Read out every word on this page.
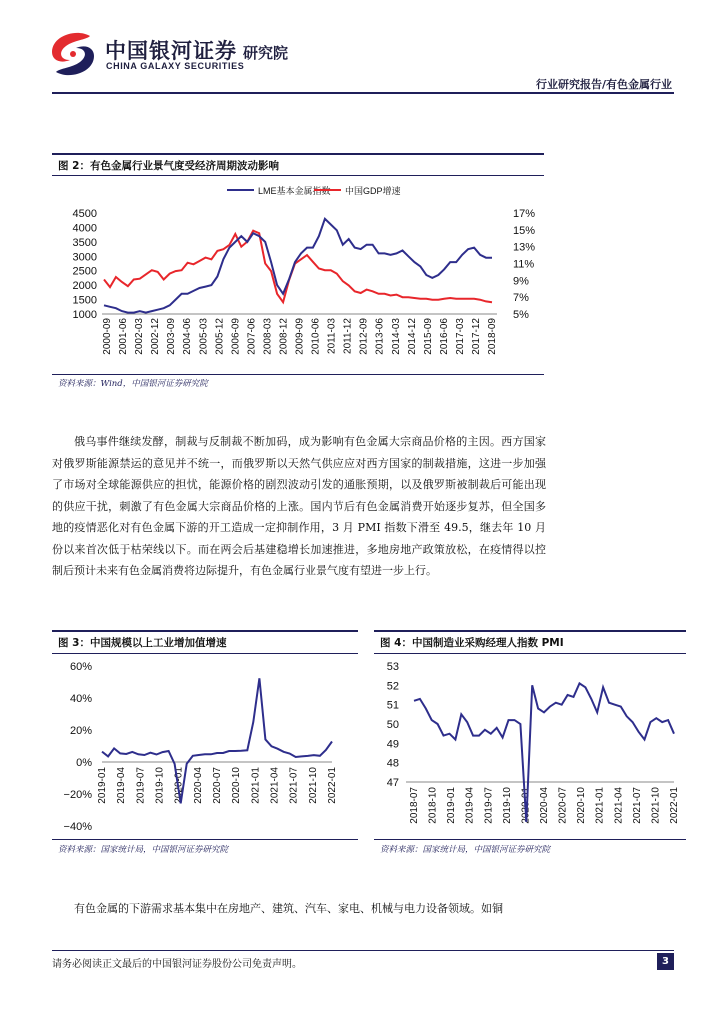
中国银河证券
CHINA GALAXY SECURITIES
研究院
行业研究报告/有色金属行业
图 2：有色金属行业景气度受经济周期波动影响
LME基本金属指数 中国GDP增速
4500
4000
3500
3000
2500
2000
1500
1000
17%
15%
13%
11%
9%
7%
5%
2000-09 2001-06 2002-03 2002-12 2003-09 2004-06 2005-03 2005-12 2006-09 2007-06 2008-03 2008-12 2009-09 2010-06 2011-03 2011-12 2012-09 2013-06 2014-03 2014-12 2015-09 2016-06 2017-03 2017-12 2018-09
资料来源：Wind，中国银河证券研究院
俄乌事件继续发酵，制裁与反制裁不断加码，成为影响有色金属大宗商品价格的主因。西方国家对俄罗斯能源禁运的意见并不统一，而俄罗斯以天然气供应应对西方国家的制裁措施，这进一步加强了市场对全球能源供应的担忧，能源价格的剧烈波动引发的通胀预期，以及俄罗斯被制裁后可能出现的供应干扰，刺激了有色金属大宗商品价格的上涨。国内节后有色金属消费开始逐步复苏，但全国多地的疫情恶化对有色金属下游的开工造成一定抑制作用，3 月 PMI 指数下滑至 49.5，继去年 10 月份以来首次低于枯荣线以下。而在两会后基建稳增长加速推进，多地房地产政策放松，在疫情得以控制后预计未来有色金属消费将边际提升，有色金属行业景气度有望进一步上行。
图 3：中国规模以上工业增加值增速
60%
40%
20%
0%
−20%
−40%
2019-01 2019-04 2019-07 2019-10 2020-01 2020-04 2020-07 2020-10 2021-01 2021-04 2021-07 2021-10 2022-01
资料来源：国家统计局，中国银河证券研究院
图 4：中国制造业采购经理人指数 PMI
53
52
51
50
49
48
47
2018-07 2018-10 2019-01 2019-04 2019-07 2019-10 2020-01 2020-04 2020-07 2020-10 2021-01 2021-04 2021-07 2021-10 2022-01
资料来源：国家统计局，中国银河证券研究院
有色金属的下游需求基本集中在房地产、建筑、汽车、家电、机械与电力设备领域。如铜
请务必阅读正文最后的中国银河证券股份公司免责声明。	3
